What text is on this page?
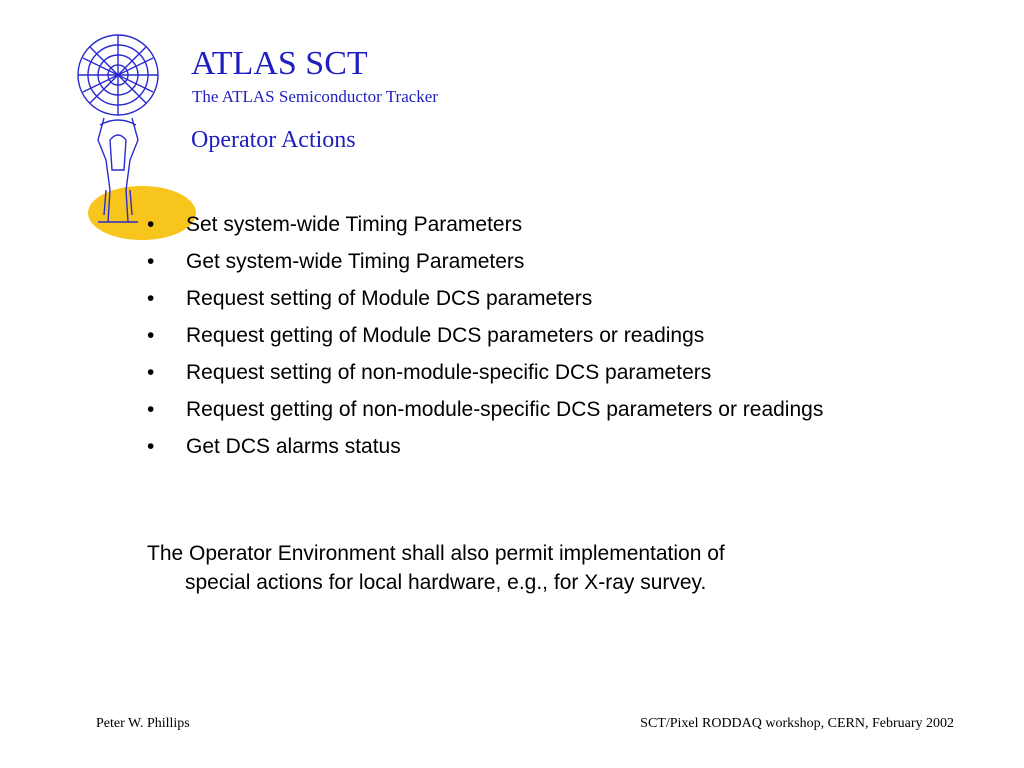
ATLAS SCT
The ATLAS Semiconductor Tracker
Operator Actions
• Set system-wide Timing Parameters
• Get system-wide Timing Parameters
• Request setting of Module DCS parameters
• Request getting of Module DCS parameters or readings
• Request setting of non-module-specific DCS parameters
• Request getting of non-module-specific DCS parameters or readings
• Get DCS alarms status

The Operator Environment shall also permit implementation of
special actions for local hardware, e.g., for X-ray survey.

Peter W. Phillips	SCT/Pixel RODDAQ workshop, CERN, February 2002
